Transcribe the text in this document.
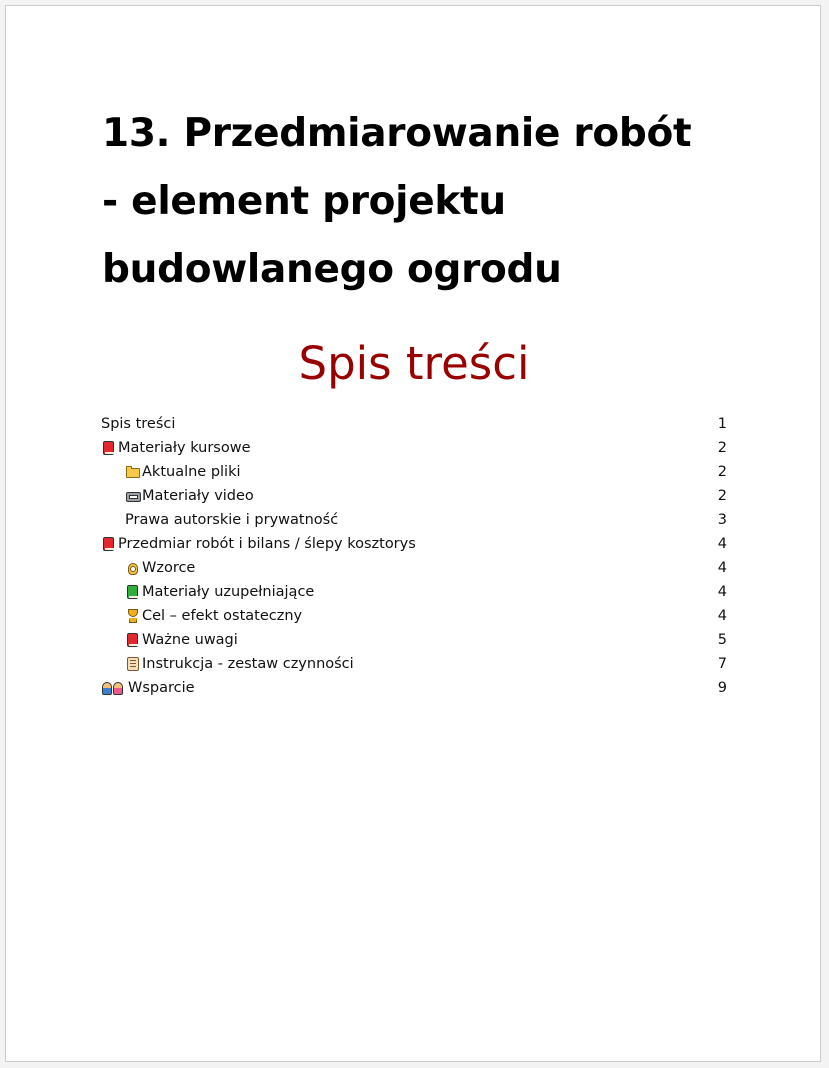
13. Przedmiarowanie robót
- element projektu
budowlanego ogrodu
Spis treści
Spis treści	1
Materiały kursowe	2
Aktualne pliki	2
Materiały video	2
Prawa autorskie i prywatność	3
Przedmiar robót i bilans / ślepy kosztorys	4
Wzorce	4
Materiały uzupełniające	4
Cel – efekt ostateczny	4
Ważne uwagi	5
Instrukcja - zestaw czynności	7
Wsparcie	9
